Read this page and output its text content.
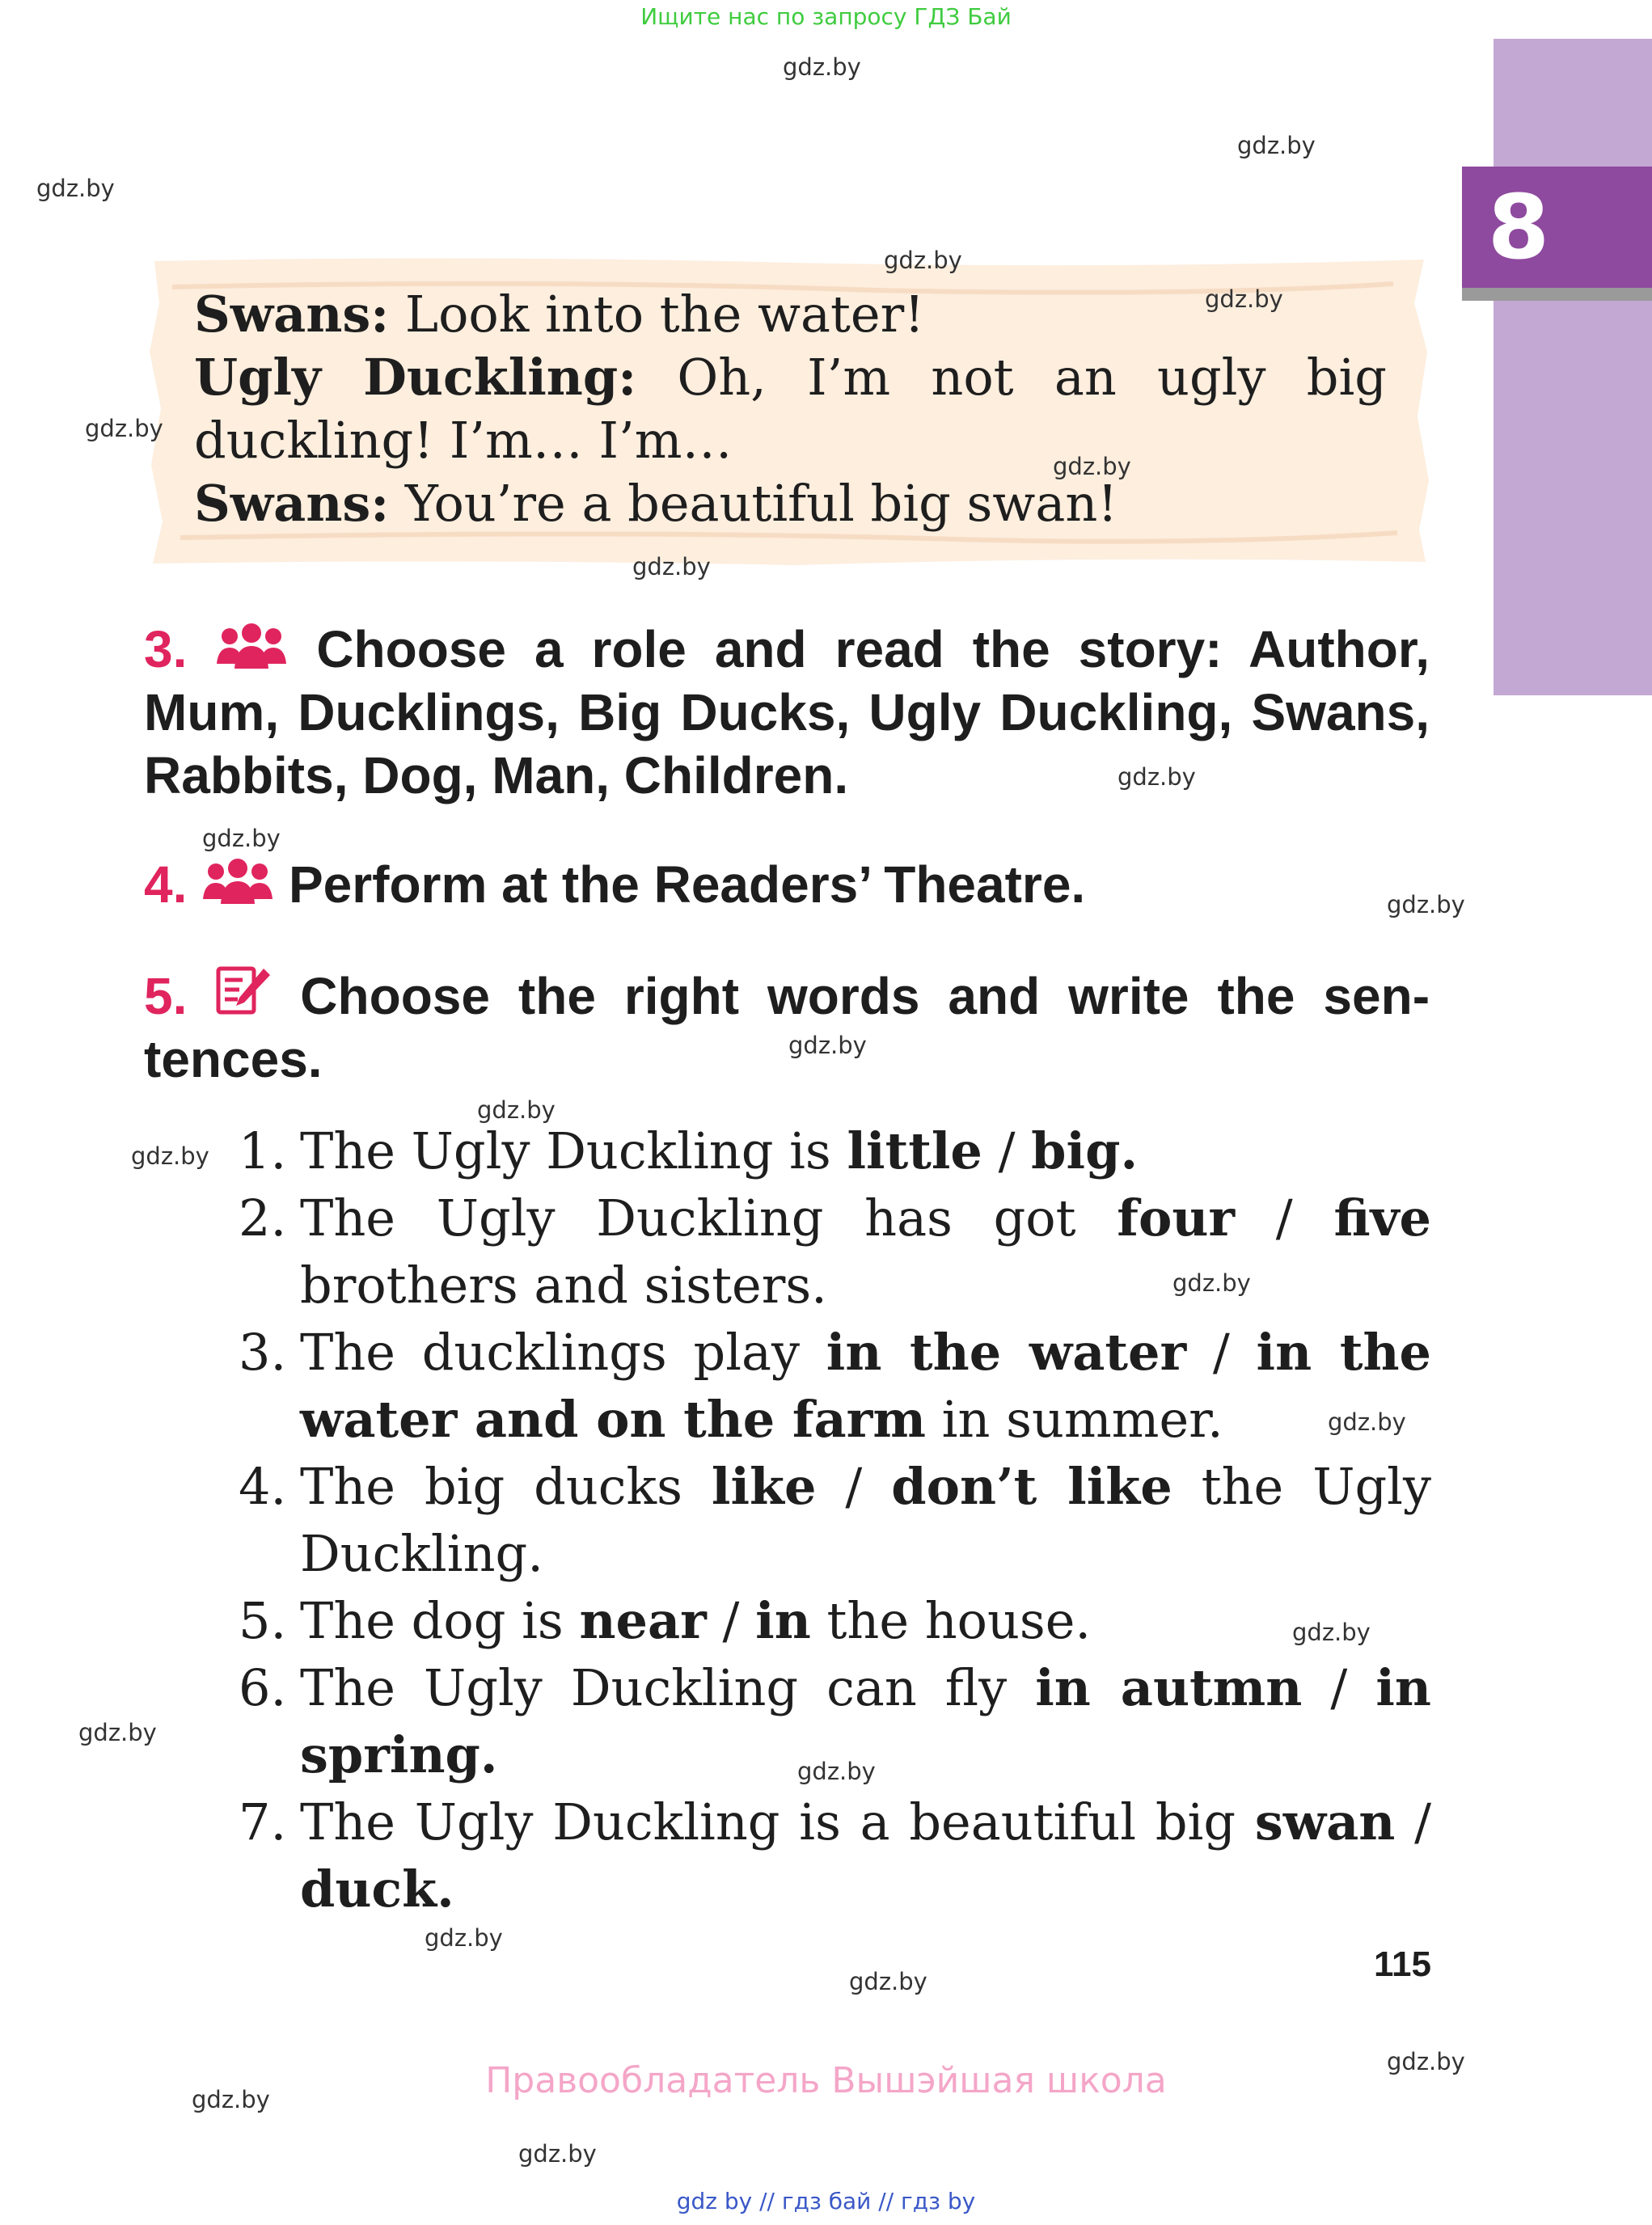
Ищите нас по запросу ГДЗ Бай
8
Swans: Look into the water!
Ugly Duckling: Oh, I’m not an ugly big duckling! I’m… I’m…
Swans: You’re a beautiful big swan!
3. Choose a role and read the story: Author, Mum, Ducklings, Big Ducks, Ugly Duckling, Swans, Rabbits, Dog, Man, Children.
4. Perform at the Readers’ Theatre.
5. Choose the right words and write the sen-tences.
1. The Ugly Duckling is little / big.
2. The Ugly Duckling has got four / five brothers and sisters.
3. The ducklings play in the water / in the water and on the farm in summer.
4. The big ducks like / don’t like the Ugly Duckling.
5. The dog is near / in the house.
6. The Ugly Duckling can fly in autmn / in spring.
7. The Ugly Duckling is a beautiful big swan / duck.
115
Правообладатель Вышэйшая школа
gdz by // гдз бай // гдз by
gdz.by
gdz.by
gdz.by
gdz.by
gdz.by
gdz.by
gdz.by
gdz.by
gdz.by
gdz.by
gdz.by
gdz.by
gdz.by
gdz.by
gdz.by
gdz.by
gdz.by
gdz.by
gdz.by
gdz.by
gdz.by
gdz.by
gdz.by
gdz.by
